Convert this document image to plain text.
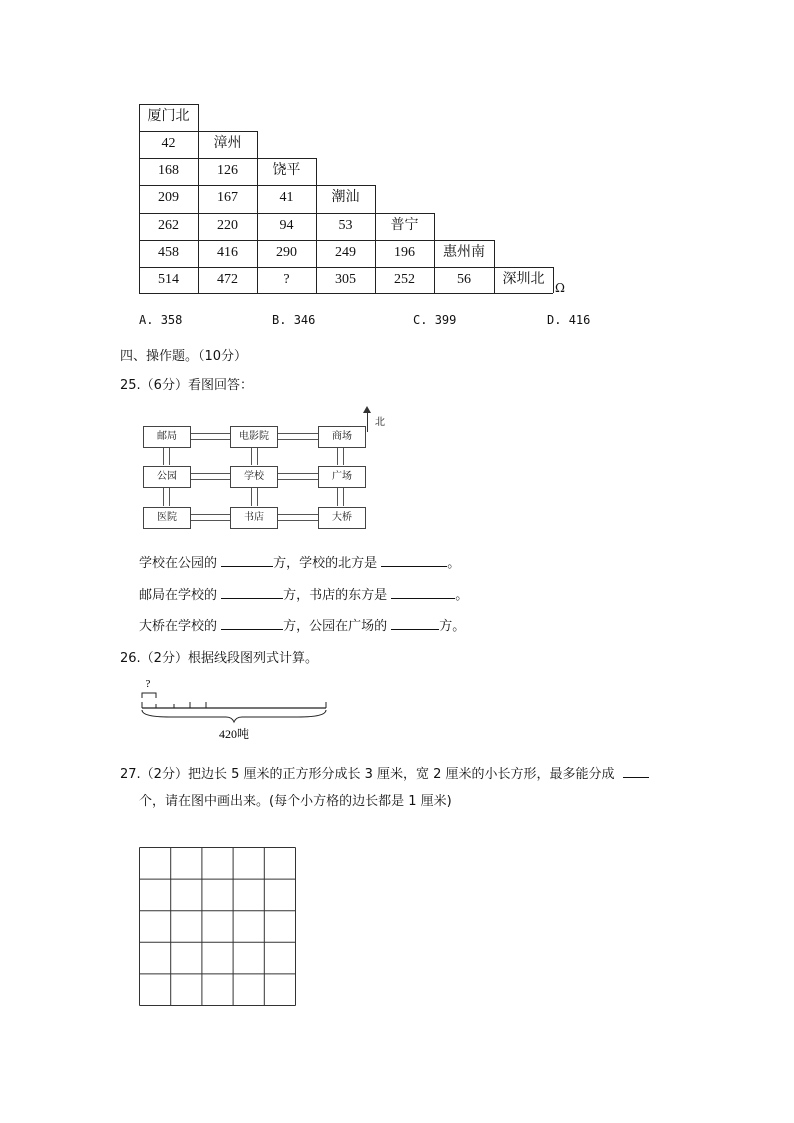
厦门北
42	漳州
168	126	饶平
209	167	41	潮汕
262	220	94	53	普宁
458	416	290	249	196	惠州南
514	472	?	305	252	56	深圳北
Ω
A. 358	B. 346	C. 399	D. 416
四、操作题。（10分）
25.（6分）看图回答：
北
邮局	电影院	商场
公园	学校	广场
医院	书店	大桥
学校在公园的	方，学校的北方是	。
邮局在学校的	方，书店的东方是	。
大桥在学校的	方，公园在广场的	方。
26.（2分）根据线段图列式计算。
?
420吨
27.（2分）把边长 5 厘米的正方形分成长 3 厘米，宽 2 厘米的小长方形，最多能分成
个，请在图中画出来。(每个小方格的边长都是 1 厘米)
